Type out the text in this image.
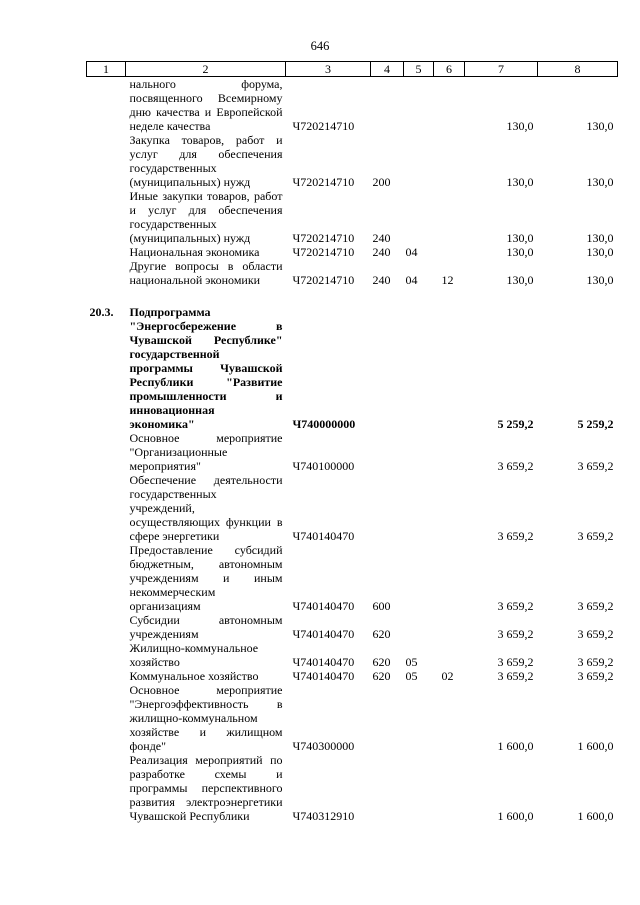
646
1	2	3	4	5	6	7	8
	нального форума, посвященного Всемирному дню качества и Европейской неделе качества	Ч720214710				130,0	130,0
	Закупка товаров, работ и услуг для обеспечения государственных (муниципальных) нужд	Ч720214710	200			130,0	130,0
	Иные закупки товаров, работ и услуг для обеспечения государственных (муниципальных) нужд	Ч720214710	240			130,0	130,0
	Национальная экономика	Ч720214710	240	04		130,0	130,0
	Другие вопросы в области национальной экономики	Ч720214710	240	04	12	130,0	130,0

20.3.	Подпрограмма "Энергосбережение в Чувашской Республике" государственной программы Чувашской Республики "Развитие промышленности и инновационная экономика"	Ч740000000				5 259,2	5 259,2
	Основное мероприятие "Организационные мероприятия"	Ч740100000				3 659,2	3 659,2
	Обеспечение деятельности государственных учреждений, осуществляющих функции в сфере энергетики	Ч740140470				3 659,2	3 659,2
	Предоставление субсидий бюджетным, автономным учреждениям и иным некоммерческим организациям	Ч740140470	600			3 659,2	3 659,2
	Субсидии автономным учреждениям	Ч740140470	620			3 659,2	3 659,2
	Жилищно-коммунальное хозяйство	Ч740140470	620	05		3 659,2	3 659,2
	Коммунальное хозяйство	Ч740140470	620	05	02	3 659,2	3 659,2
	Основное мероприятие "Энергоэффективность в жилищно-коммунальном хозяйстве и жилищном фонде"	Ч740300000				1 600,0	1 600,0
	Реализация мероприятий по разработке схемы и программы перспективного развития электроэнергетики Чувашской Республики	Ч740312910				1 600,0	1 600,0
